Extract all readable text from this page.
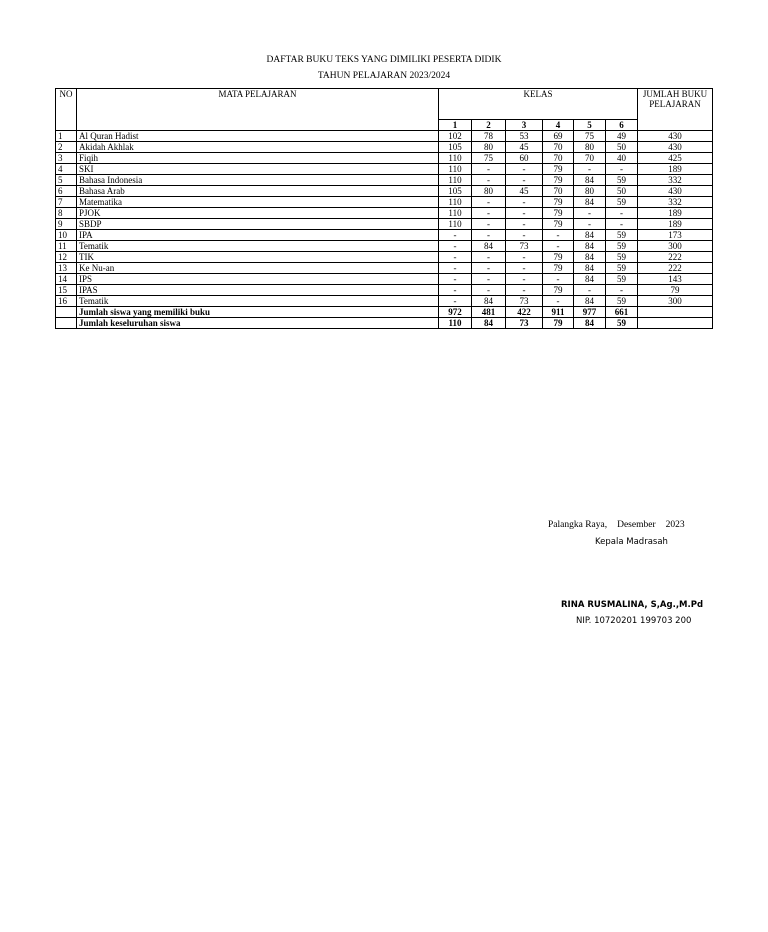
DAFTAR BUKU TEKS YANG DIMILIKI PESERTA DIDIK
TAHUN PELAJARAN 2023/2024
NO	MATA PELAJARAN	KELAS						JUMLAH BUKU PELAJARAN
		1	2	3	4	5	6	
1	Al Quran Hadist	102	78	53	69	75	49	430
2	Akidah Akhlak	105	80	45	70	80	50	430
3	Fiqih	110	75	60	70	70	40	425
4	SKI	110	-	-	79	-	-	189
5	Bahasa Indonesia	110	-	-	79	84	59	332
6	Bahasa Arab	105	80	45	70	80	50	430
7	Matematika	110	-	-	79	84	59	332
8	PJOK	110	-	-	79	-	-	189
9	SBDP	110	-	-	79	-	-	189
10	IPA	-	-	-	-	84	59	173
11	Tematik	-	84	73	-	84	59	300
12	TIK	-	-	-	79	84	59	222
13	Ke Nu-an	-	-	-	79	84	59	222
14	IPS	-	-	-	-	84	59	143
15	IPAS	-	-	-	79	-	-	79
16	Tematik	-	84	73	-	84	59	300
	Jumlah siswa yang memiliki buku	972	481	422	911	977	661	
	Jumlah keseluruhan siswa	110	84	73	79	84	59	
Palangka Raya, Desember 2023
Kepala Madrasah
RINA RUSMALINA, S,Ag.,M.Pd
NIP. 10720201 199703 200
